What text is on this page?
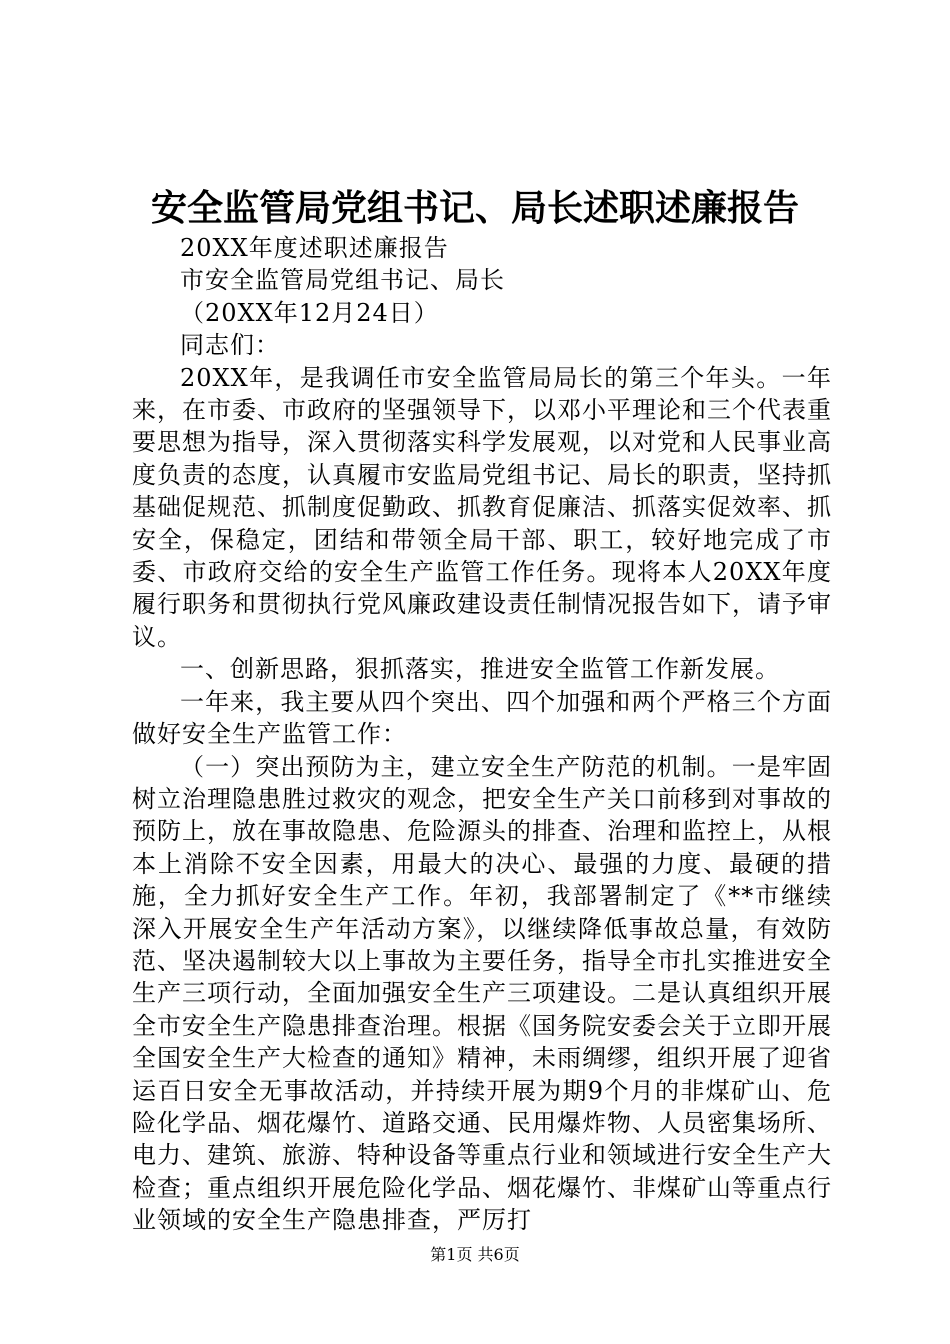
安全监管局党组书记、局长述职述廉报告

20XX年度述职述廉报告

市安全监管局党组书记、局长

（20XX年12月24日）

同志们：

20XX年，是我调任市安全监管局局长的第三个年头。一年来，在市委、市政府的坚强领导下，以邓小平理论和三个代表重要思想为指导，深入贯彻落实科学发展观，以对党和人民事业高度负责的态度，认真履市安监局党组书记、局长的职责，坚持抓基础促规范、抓制度促勤政、抓教育促廉洁、抓落实促效率、抓安全，保稳定，团结和带领全局干部、职工，较好地完成了市委、市政府交给的安全生产监管工作任务。现将本人20XX年度履行职务和贯彻执行党风廉政建设责任制情况报告如下，请予审议。

一、创新思路，狠抓落实，推进安全监管工作新发展。

一年来，我主要从四个突出、四个加强和两个严格三个方面做好安全生产监管工作：

（一）突出预防为主，建立安全生产防范的机制。一是牢固树立治理隐患胜过救灾的观念，把安全生产关口前移到对事故的预防上，放在事故隐患、危险源头的排查、治理和监控上，从根本上消除不安全因素，用最大的决心、最强的力度、最硬的措施，全力抓好安全生产工作。年初，我部署制定了《**市继续深入开展安全生产年活动方案》，以继续降低事故总量，有效防范、坚决遏制较大以上事故为主要任务，指导全市扎实推进安全生产三项行动，全面加强安全生产三项建设。二是认真组织开展全市安全生产隐患排查治理。根据《国务院安委会关于立即开展全国安全生产大检查的通知》精神，未雨绸缪，组织开展了迎省运百日安全无事故活动，并持续开展为期9个月的非煤矿山、危险化学品、烟花爆竹、道路交通、民用爆炸物、人员密集场所、电力、建筑、旅游、特种设备等重点行业和领域进行安全生产大检查；重点组织开展危险化学品、烟花爆竹、非煤矿山等重点行业领域的安全生产隐患排查，严厉打

第1页 共6页
